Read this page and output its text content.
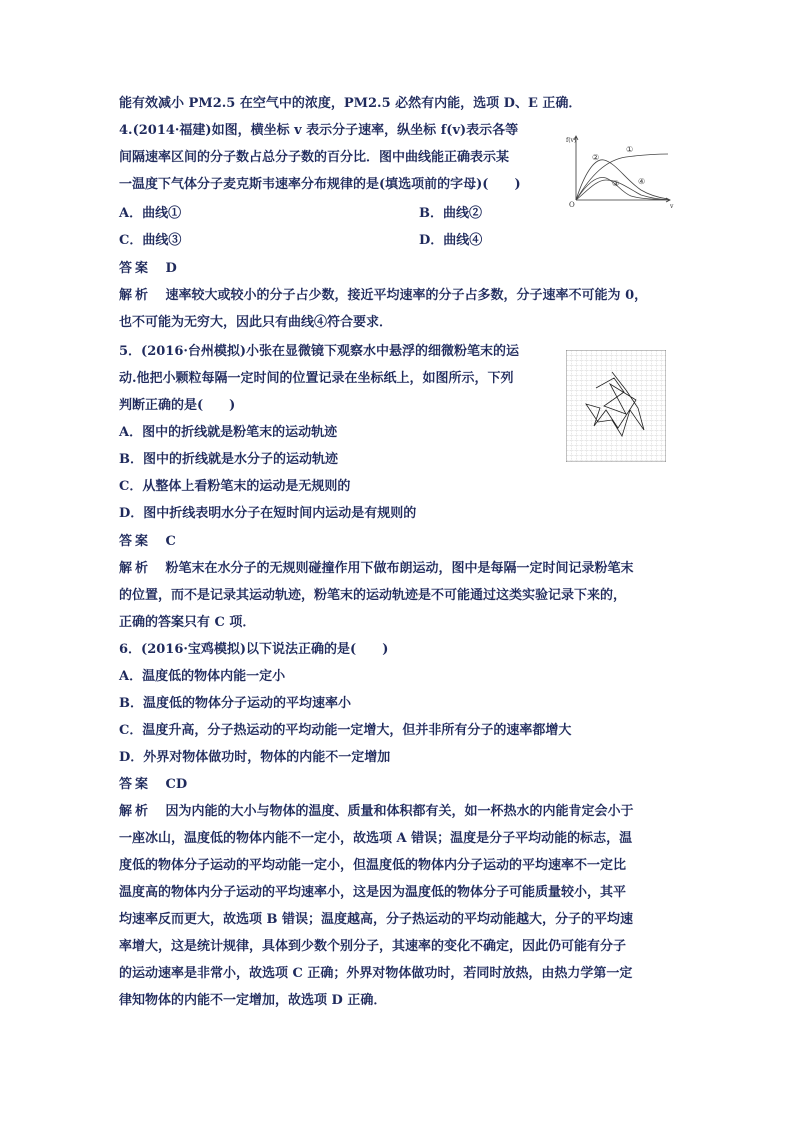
能有效减小 PM2.5 在空气中的浓度，PM2.5 必然有内能，选项 D、E 正确．
4.(2014·福建)如图，横坐标 v 表示分子速率，纵坐标 f(v)表示各等
间隔速率区间的分子数占总分子数的百分比．图中曲线能正确表示某
一温度下气体分子麦克斯韦速率分布规律的是(填选项前的字母)(　　)
A．曲线①	B．曲线②
C．曲线③	D．曲线④
答案 D
解析 速率较大或较小的分子占少数，接近平均速率的分子占多数，分子速率不可能为 0，
也不可能为无穷大，因此只有曲线④符合要求．
f(v)
v
O
①
②
③ ④
5．(2016·台州模拟)小张在显微镜下观察水中悬浮的细微粉笔末的运
动.他把小颗粒每隔一定时间的位置记录在坐标纸上，如图所示，下列
判断正确的是(　　)
A．图中的折线就是粉笔末的运动轨迹
B．图中的折线就是水分子的运动轨迹
C．从整体上看粉笔末的运动是无规则的
D．图中折线表明水分子在短时间内运动是有规则的
答案 C
解析 粉笔末在水分子的无规则碰撞作用下做布朗运动，图中是每隔一定时间记录粉笔末
的位置，而不是记录其运动轨迹，粉笔末的运动轨迹是不可能通过这类实验记录下来的，
正确的答案只有 C 项．
6．(2016·宝鸡模拟)以下说法正确的是(　　)
A．温度低的物体内能一定小
B．温度低的物体分子运动的平均速率小
C．温度升高，分子热运动的平均动能一定增大，但并非所有分子的速率都增大
D．外界对物体做功时，物体的内能不一定增加
答案 CD
解析 因为内能的大小与物体的温度、质量和体积都有关，如一杯热水的内能肯定会小于
一座冰山，温度低的物体内能不一定小，故选项 A 错误；温度是分子平均动能的标志，温
度低的物体分子运动的平均动能一定小，但温度低的物体内分子运动的平均速率不一定比
温度高的物体内分子运动的平均速率小，这是因为温度低的物体分子可能质量较小，其平
均速率反而更大，故选项 B 错误；温度越高，分子热运动的平均动能越大，分子的平均速
率增大，这是统计规律，具体到少数个别分子，其速率的变化不确定，因此仍可能有分子
的运动速率是非常小，故选项 C 正确；外界对物体做功时，若同时放热，由热力学第一定
律知物体的内能不一定增加，故选项 D 正确．
